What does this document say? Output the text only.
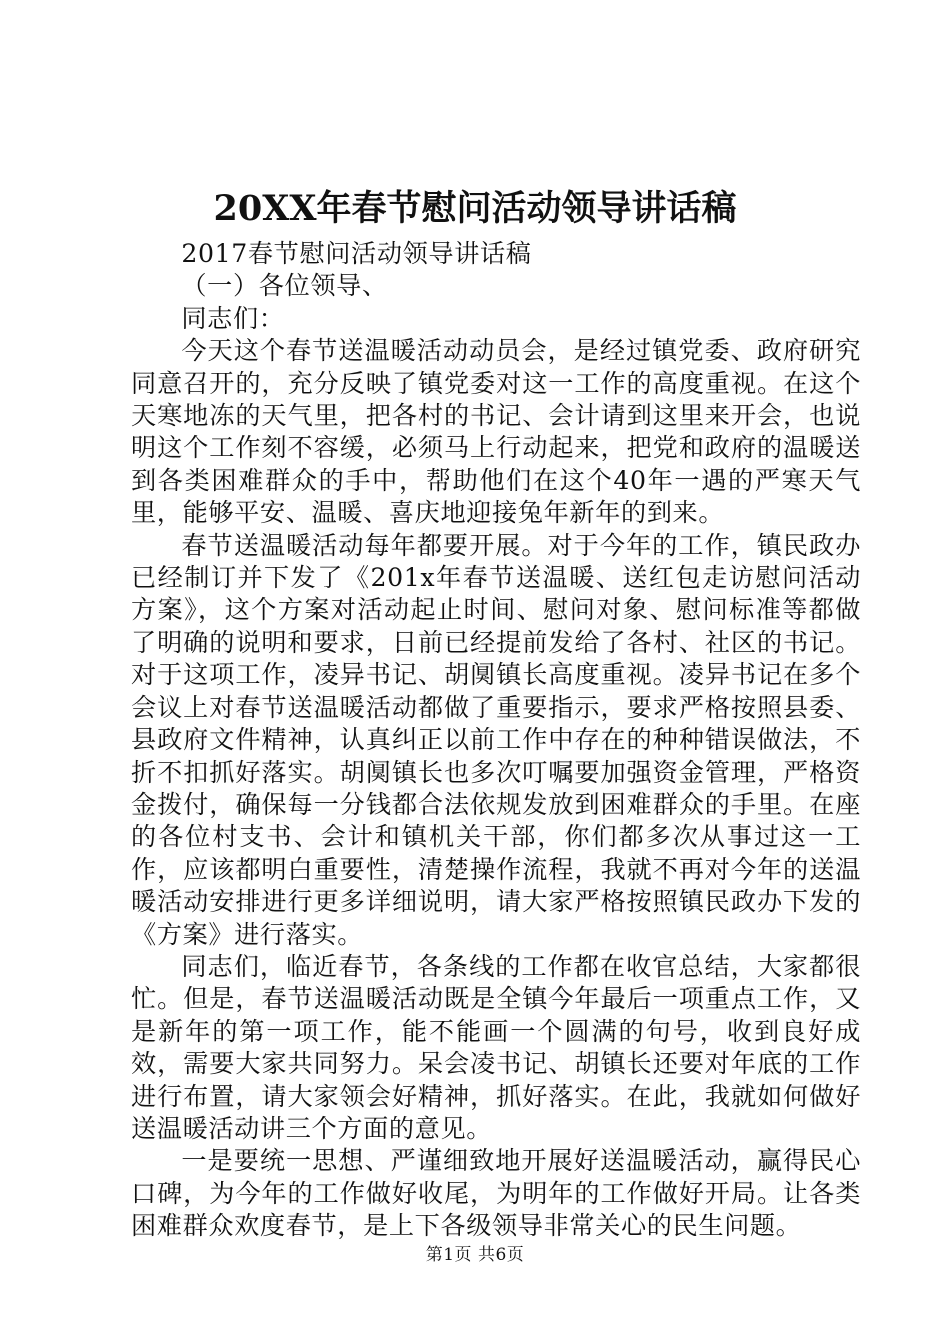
20XX年春节慰问活动领导讲话稿

2017春节慰问活动领导讲话稿

（一）各位领导、

同志们：

今天这个春节送温暖活动动员会，是经过镇党委、政府研究同意召开的，充分反映了镇党委对这一工作的高度重视。在这个天寒地冻的天气里，把各村的书记、会计请到这里来开会，也说明这个工作刻不容缓，必须马上行动起来，把党和政府的温暖送到各类困难群众的手中，帮助他们在这个40年一遇的严寒天气里，能够平安、温暖、喜庆地迎接兔年新年的到来。

春节送温暖活动每年都要开展。对于今年的工作，镇民政办已经制订并下发了《201x年春节送温暖、送红包走访慰问活动方案》，这个方案对活动起止时间、慰问对象、慰问标准等都做了明确的说明和要求，日前已经提前发给了各村、社区的书记。对于这项工作，凌异书记、胡阒镇长高度重视。凌异书记在多个会议上对春节送温暖活动都做了重要指示，要求严格按照县委、县政府文件精神，认真纠正以前工作中存在的种种错误做法，不折不扣抓好落实。胡阒镇长也多次叮嘱要加强资金管理，严格资金拨付，确保每一分钱都合法依规发放到困难群众的手里。在座的各位村支书、会计和镇机关干部，你们都多次从事过这一工作，应该都明白重要性，清楚操作流程，我就不再对今年的送温暖活动安排进行更多详细说明，请大家严格按照镇民政办下发的《方案》进行落实。

同志们，临近春节，各条线的工作都在收官总结，大家都很忙。但是，春节送温暖活动既是全镇今年最后一项重点工作，又是新年的第一项工作，能不能画一个圆满的句号，收到良好成效，需要大家共同努力。呆会凌书记、胡镇长还要对年底的工作进行布置，请大家领会好精神，抓好落实。在此，我就如何做好送温暖活动讲三个方面的意见。

一是要统一思想、严谨细致地开展好送温暖活动，赢得民心口碑，为今年的工作做好收尾，为明年的工作做好开局。让各类困难群众欢度春节，是上下各级领导非常关心的民生问题。

第1页 共6页
